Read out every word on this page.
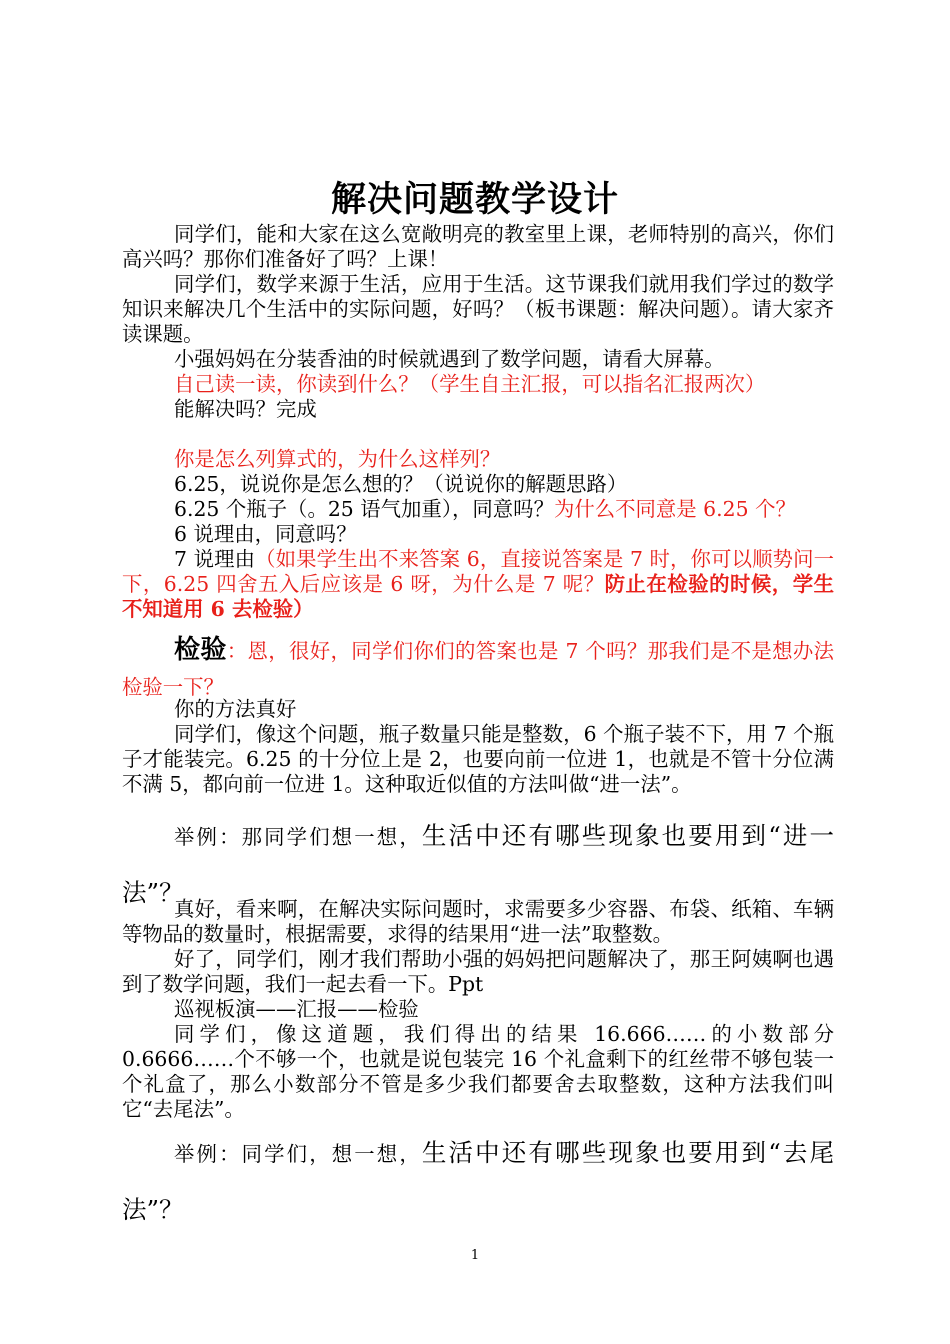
解决问题教学设计
同学们，能和大家在这么宽敞明亮的教室里上课，老师特别的高兴，你们高兴吗？那你们准备好了吗？上课！
同学们，数学来源于生活，应用于生活。这节课我们就用我们学过的数学知识来解决几个生活中的实际问题，好吗？（板书课题：解决问题）。请大家齐读课题。
小强妈妈在分装香油的时候就遇到了数学问题，请看大屏幕。
自己读一读，你读到什么？（学生自主汇报，可以指名汇报两次）
能解决吗？完成
你是怎么列算式的，为什么这样列？
6.25，说说你是怎么想的？（说说你的解题思路）
6.25 个瓶子（。25 语气加重），同意吗？为什么不同意是 6.25 个？
6 说理由，同意吗？
7 说理由（如果学生出不来答案 6，直接说答案是 7 时，你可以顺势问一下，6.25 四舍五入后应该是 6 呀，为什么是 7 呢？防止在检验的时候，学生不知道用 6 去检验）
检验：恩，很好，同学们你们的答案也是 7 个吗？那我们是不是想办法检验一下？
你的方法真好
同学们，像这个问题，瓶子数量只能是整数，6 个瓶子装不下，用 7 个瓶子才能装完。6.25 的十分位上是 2，也要向前一位进 1，也就是不管十分位满不满 5，都向前一位进 1。这种取近似值的方法叫做“进一法”。
举例：那同学们想一想，生活中还有哪些现象也要用到“进一法”？
真好，看来啊，在解决实际问题时，求需要多少容器、布袋、纸箱、车辆等物品的数量时，根据需要，求得的结果用“进一法”取整数。
好了，同学们，刚才我们帮助小强的妈妈把问题解决了，那王阿姨啊也遇到了数学问题，我们一起去看一下。Ppt
巡视板演——汇报——检验
同学们，像这道题，我们得出的结果 16.666……的小数部分 0.6666……个不够一个，也就是说包装完 16 个礼盒剩下的红丝带不够包装一个礼盒了，那么小数部分不管是多少我们都要舍去取整数，这种方法我们叫它“去尾法”。
举例：同学们，想一想，生活中还有哪些现象也要用到“去尾法”？
1
